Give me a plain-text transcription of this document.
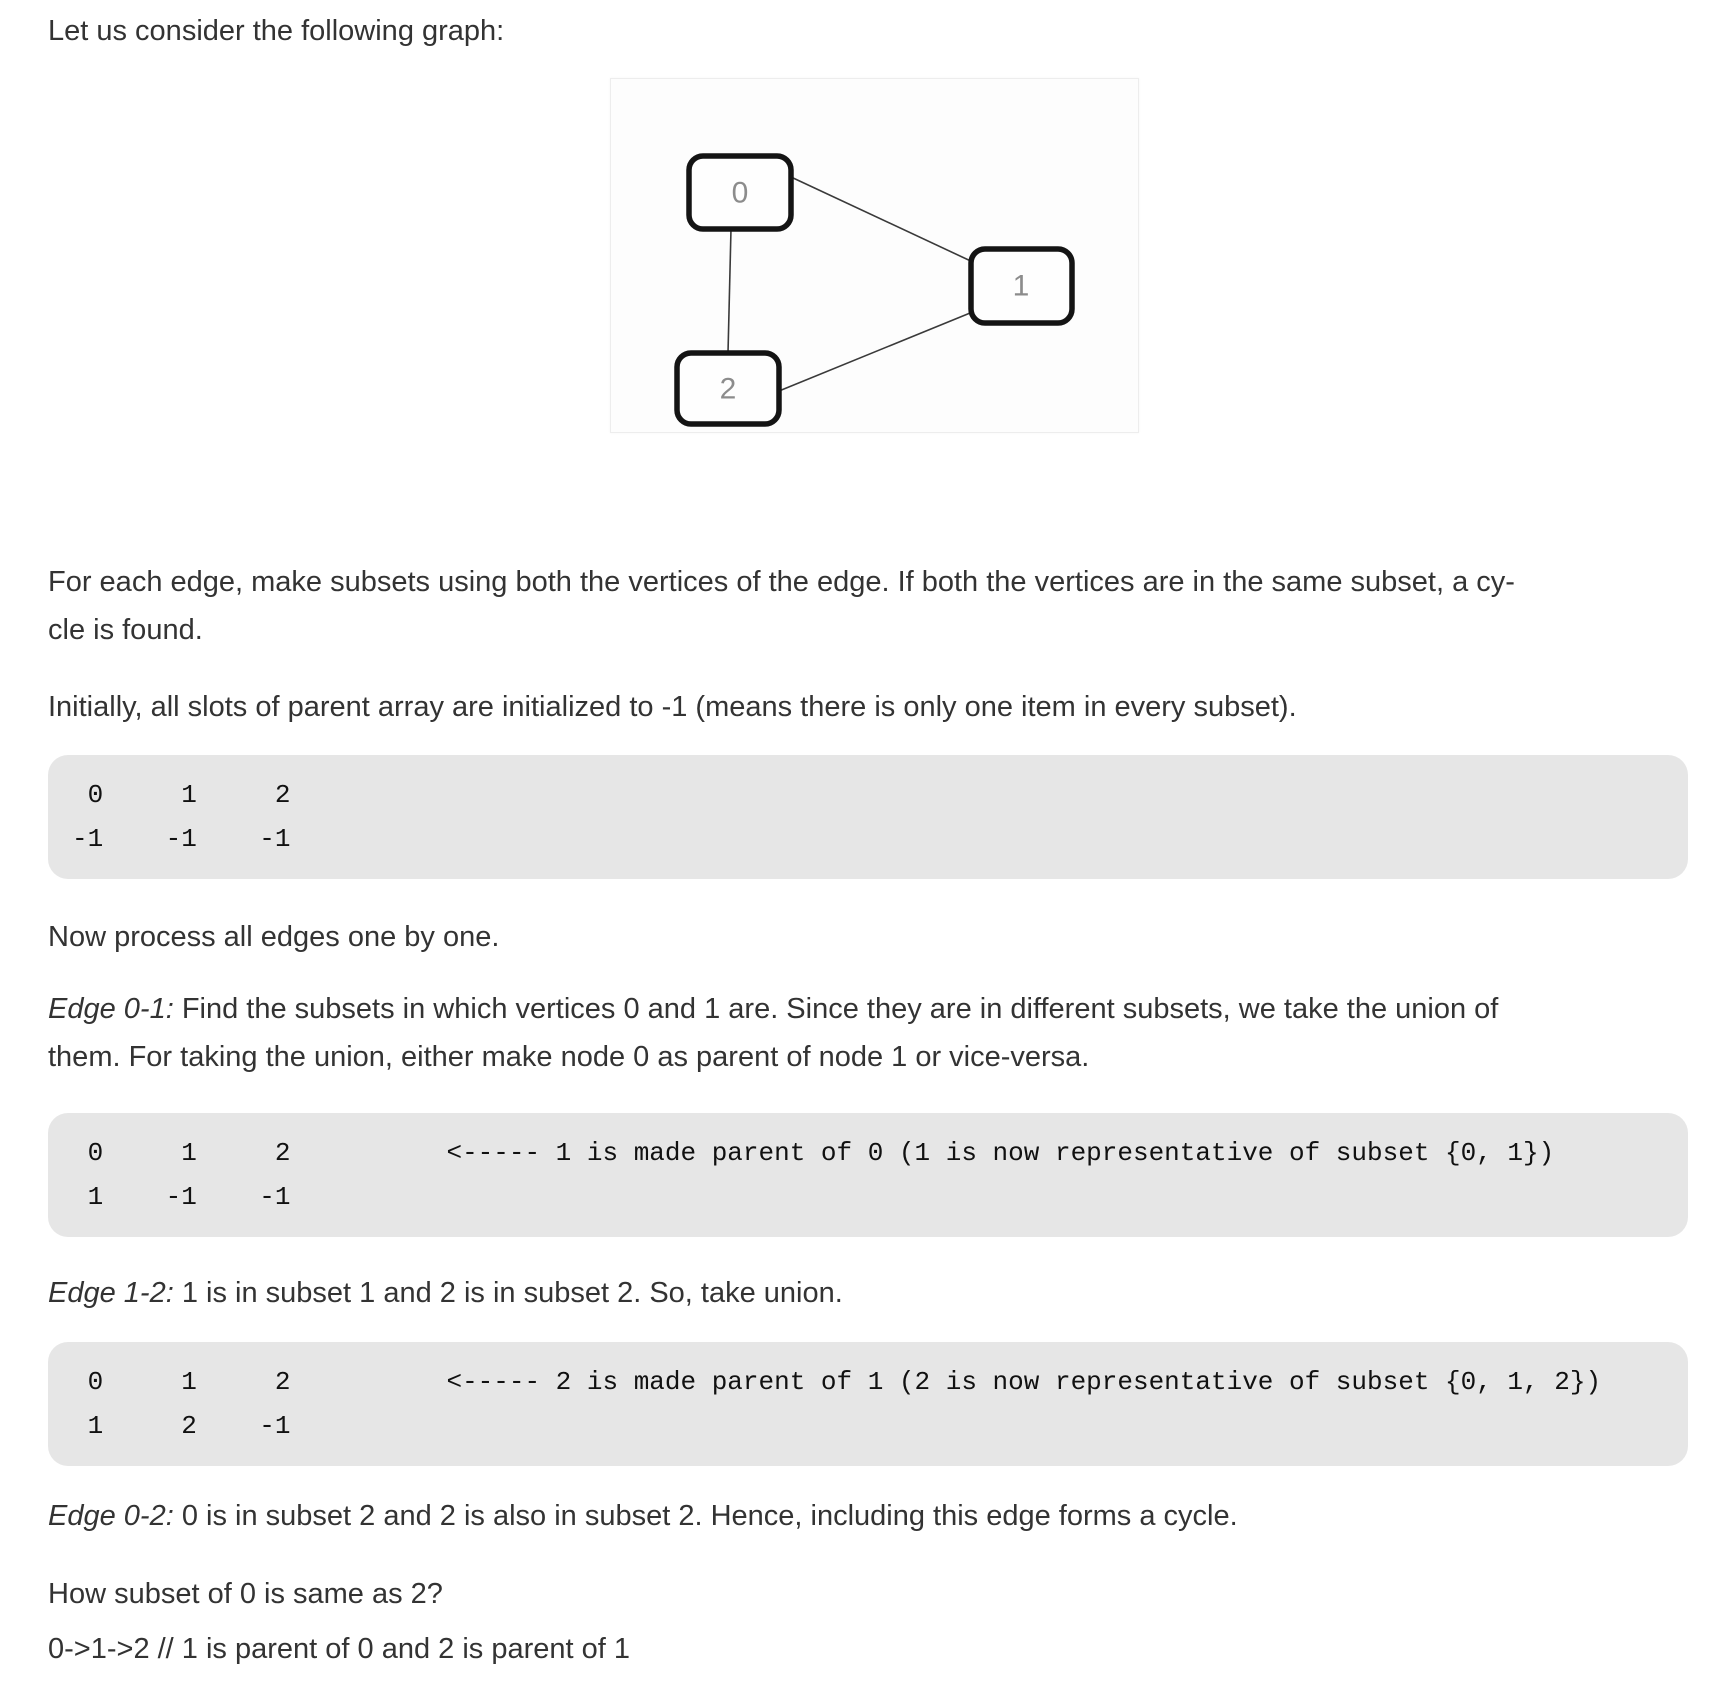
Let us consider the following graph:

0
1
2

For each edge, make subsets using both the vertices of the edge. If both the vertices are in the same subset, a cy-
cle is found.

Initially, all slots of parent array are initialized to -1 (means there is only one item in every subset).

0     1     2
-1    -1    -1

Now process all edges one by one.

Edge 0-1: Find the subsets in which vertices 0 and 1 are. Since they are in different subsets, we take the union of
them. For taking the union, either make node 0 as parent of node 1 or vice-versa.

0     1     2          <----- 1 is made parent of 0 (1 is now representative of subset {0, 1})
1    -1    -1

Edge 1-2: 1 is in subset 1 and 2 is in subset 2. So, take union.

0     1     2          <----- 2 is made parent of 1 (2 is now representative of subset {0, 1, 2})
1     2    -1

Edge 0-2: 0 is in subset 2 and 2 is also in subset 2. Hence, including this edge forms a cycle.

How subset of 0 is same as 2?

0->1->2 // 1 is parent of 0 and 2 is parent of 1
